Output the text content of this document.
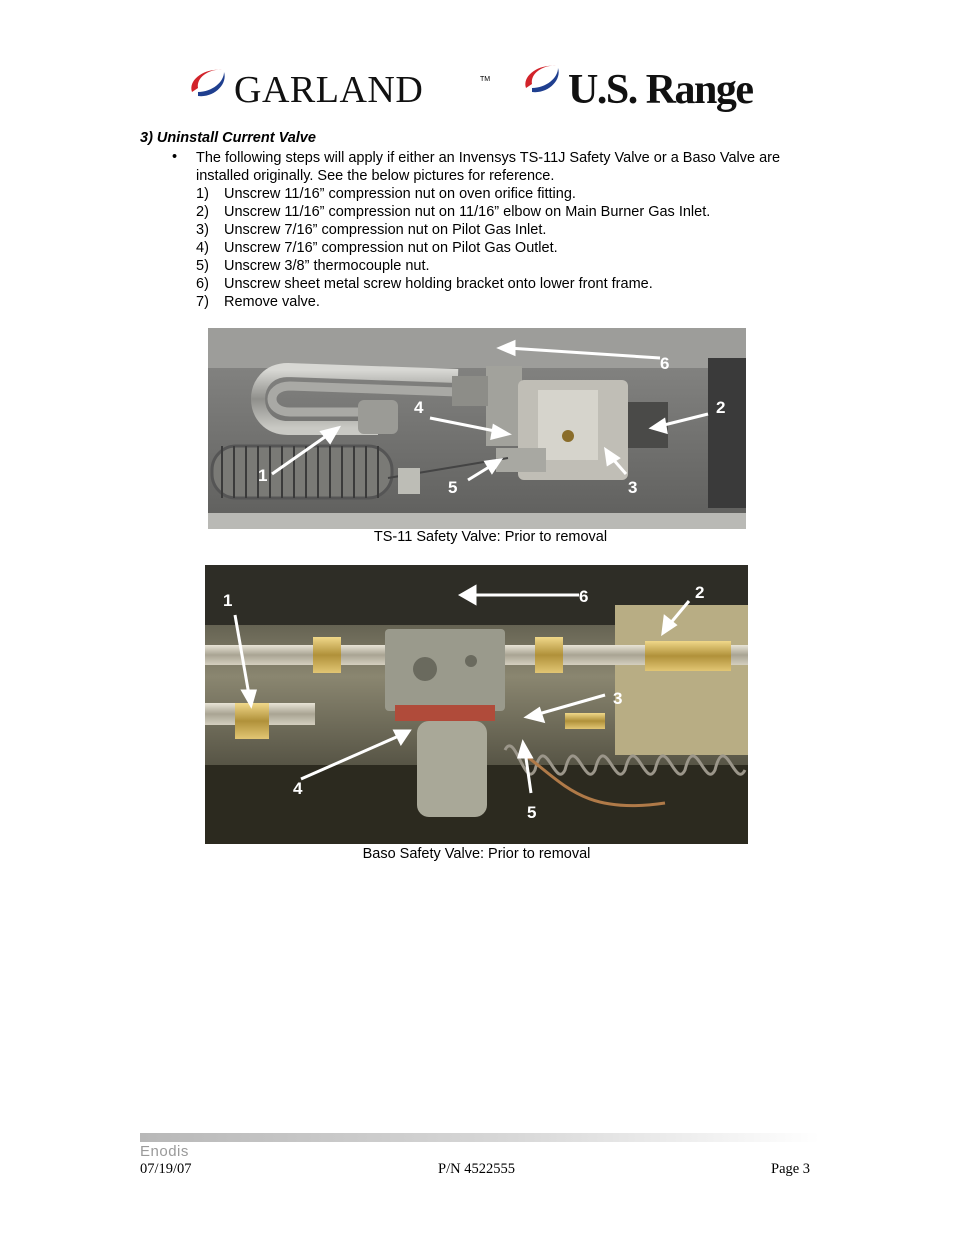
GARLAND	TM U.S. Range
3) Uninstall Current Valve
• The following steps will apply if either an Invensys TS-11J Safety Valve or a Baso Valve are installed originally. See the below pictures for reference.
1) Unscrew 11/16” compression nut on oven orifice fitting.
2) Unscrew 11/16” compression nut on 11/16” elbow on Main Burner Gas Inlet.
3) Unscrew 7/16” compression nut on Pilot Gas Inlet.
4) Unscrew 7/16” compression nut on Pilot Gas Outlet.
5) Unscrew 3/8” thermocouple nut.
6) Unscrew sheet metal screw holding bracket onto lower front frame.
7) Remove valve.
1
2
3
4
5
6
TS-11 Safety Valve: Prior to removal
1	2
3
4
5
6
Baso Safety Valve: Prior to removal
Enodis
07/19/07	P/N 4522555	Page 3
